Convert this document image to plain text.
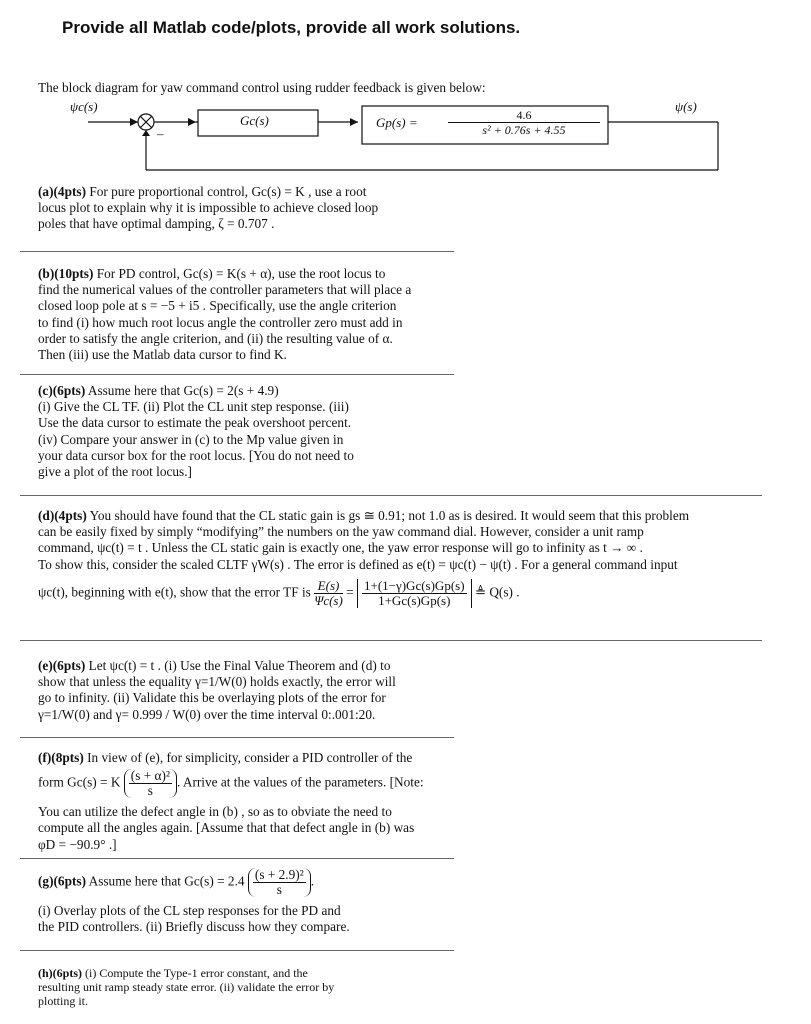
Provide all Matlab code/plots, provide all work solutions.
The block diagram for yaw command control using rudder feedback is given below:
ψc(s)	ψ(s)
–
Gc(s)	Gp(s) =	$\frac{4.6}{\text{s² + 0.76s + 4.55}}$
(a)(4pts) For pure proportional control, Gc(s) = K , use a root
locus plot to explain why it is impossible to achieve closed loop
poles that have optimal damping, ζ = 0.707 .
(b)(10pts) For PD control, Gc(s) = K(s + α), use the root locus to
find the numerical values of the controller parameters that will place a
closed loop pole at s = −5 + i5 . Specifically, use the angle criterion
to find (i) how much root locus angle the controller zero must add in
order to satisfy the angle criterion, and (ii) the resulting value of α.
Then (iii) use the Matlab data cursor to find K.
(c)(6pts) Assume here that Gc(s) = 2(s + 4.9)
(i) Give the CL TF. (ii) Plot the CL unit step response. (iii)
Use the data cursor to estimate the peak overshoot percent.
(iv) Compare your answer in (c) to the Mp value given in
your data cursor box for the root locus. [You do not need to
give a plot of the root locus.]
(d)(4pts) You should have found that the CL static gain is gs ≅ 0.91; not 1.0 as is desired. It would seem that this problem
can be easily fixed by simply “modifying” the numbers on the yaw command dial. However, consider a unit ramp
command, ψc(t) = t . Unless the CL static gain is exactly one, the yaw error response will go to infinity as t → ∞ .
To show this, consider the scaled CLTF γW(s) . The error is defined as e(t) = ψc(t) − ψ(t) . For a general command input
ψc(t), beginning with e(t), show that the error TF is $\frac{E(s)}{\Psi c(s)} = \frac{1+(1-\gamma)Gc(s)Gp(s)}{1+Gc(s)Gp(s)}$ ≜ Q(s) .
(e)(6pts) Let ψc(t) = t . (i) Use the Final Value Theorem and (d) to
show that unless the equality γ=1/W(0) holds exactly, the error will
go to infinity. (ii) Validate this be overlaying plots of the error for
γ=1/W(0) and γ= 0.999 / W(0) over the time interval 0:.001:20.
(f)(8pts) In view of (e), for simplicity, consider a PID controller of the
form Gc(s) = K $\frac{\text{(s + α)²}}{s}$ . Arrive at the values of the parameters. [Note:
You can utilize the defect angle in (b) , so as to obviate the need to
compute all the angles again. [Assume that that defect angle in (b) was
φD = −90.9° .]
(g)(6pts) Assume here that $Gc(s) = 2.4 \frac{\text{(s + 2.9)²}}{s}$ .
(i) Overlay plots of the CL step responses for the PD and
the PID controllers. (ii) Briefly discuss how they compare.
(h)(6pts) (i) Compute the Type-1 error constant, and the
resulting unit ramp steady state error. (ii) validate the error by
plotting it.
